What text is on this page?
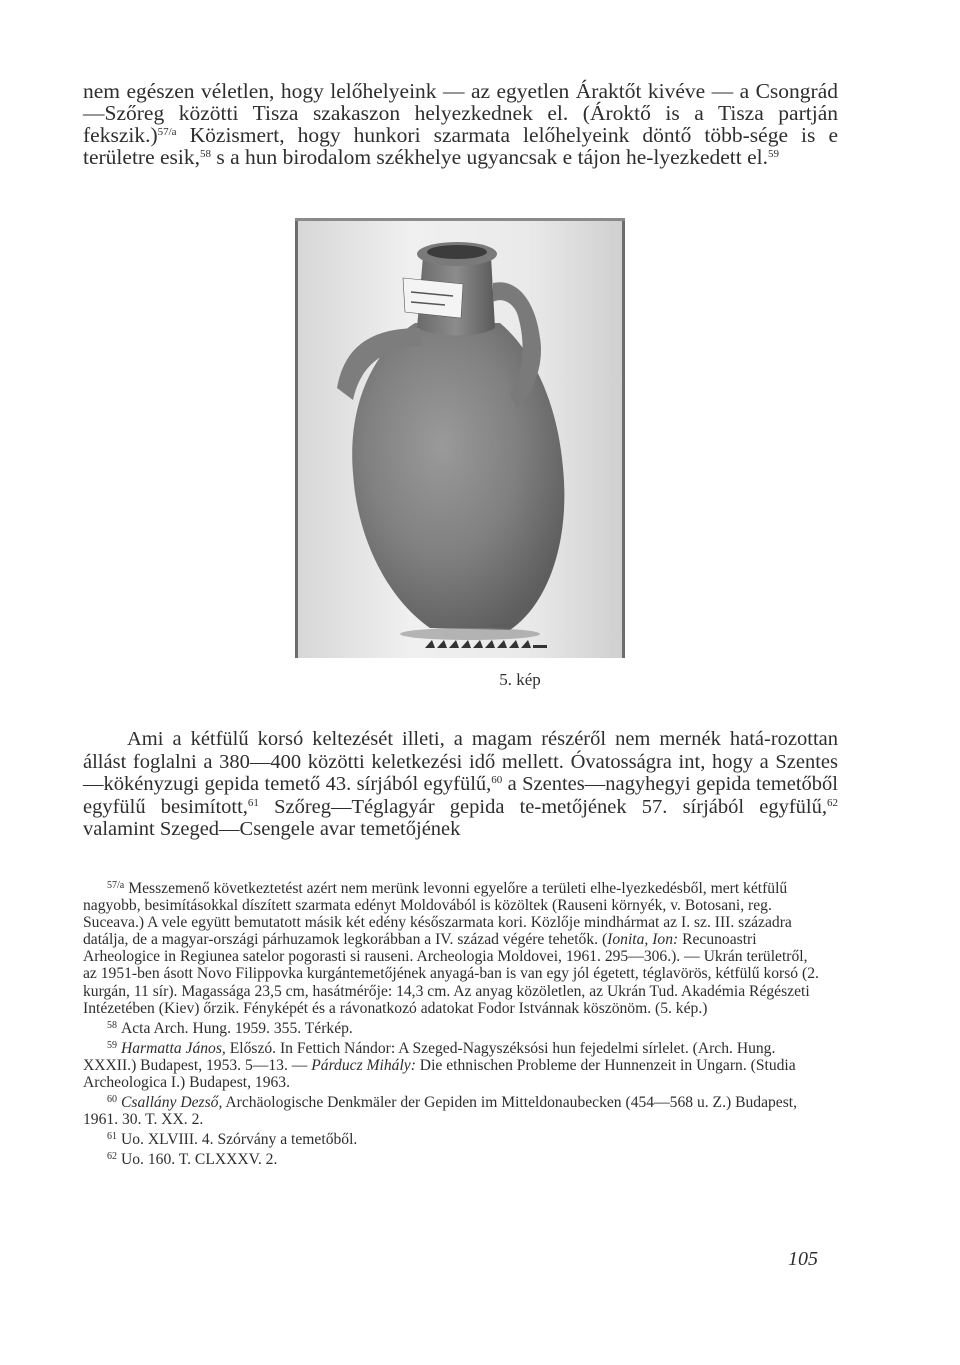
nem egészen véletlen, hogy lelőhelyeink — az egyetlen Áraktőt kivéve — a Csongrád—Szőreg közötti Tisza szakaszon helyezkednek el. (Ároktő is a Tisza partján fekszik.)$^{57/a}$ Közismert, hogy hunkori szarmata lelőhelyeink döntő több-sége is e területre esik,$^{58}$ s a hun birodalom székhelye ugyancsak e tájon he-lyezkedett el.$^{59}$

5. kép

Ami a kétfülű korsó keltezését illeti, a magam részéről nem mernék hatá-rozottan állást foglalni a 380—400 közötti keletkezési idő mellett. Óvatosságra int, hogy a Szentes—kökényzugi gepida temető 43. sírjából egyfülű,$^{60}$ a Szentes—nagyhegyi gepida temetőből egyfülű besimított,$^{61}$ Szőreg—Téglagyár gepida te-metőjének 57. sírjából egyfülű,$^{62}$ valamint Szeged—Csengele avar temetőjének

$^{57/a}$ Messzemenő következtetést azért nem merünk levonni egyelőre a területi elhe-lyezkedésből, mert kétfülű nagyobb, besimításokkal díszített szarmata edényt Moldovából is közöltek (Rauseni környék, v. Botosani, reg. Suceava.) A vele együtt bemutatott másik két edény későszarmata kori. Közlője mindhármat az I. sz. III. századra datálja, de a magyar-országi párhuzamok legkorábban a IV. század végére tehetők. (Ionita, Ion: Recunoastri Arheologice in Regiunea satelor pogorasti si rauseni. Archeologia Moldovei, 1961. 295—306.). — Ukrán területről, az 1951-ben ásott Novo Filippovka kurgántemetőjének anyagá-ban is van egy jól égetett, téglavörös, kétfülű korsó (2. kurgán, 11 sír). Magassága 23,5 cm, hasátmérője: 14,3 cm. Az anyag közöletlen, az Ukrán Tud. Akadémia Régészeti Intézetében (Kiev) őrzik. Fényképét és a rávonatkozó adatokat Fodor Istvánnak köszönöm. (5. kép.)

$^{58}$ Acta Arch. Hung. 1959. 355. Térkép.

$^{59}$ Harmatta János, Előszó. In Fettich Nándor: A Szeged-Nagyszéksósi hun fejedelmi sírlelet. (Arch. Hung. XXXII.) Budapest, 1953. 5—13. — Párducz Mihály: Die ethnischen Probleme der Hunnenzeit in Ungarn. (Studia Archeologica I.) Budapest, 1963.

$^{60}$ Csallány Dezső, Archäologische Denkmäler der Gepiden im Mitteldonaubecken (454—568 u. Z.) Budapest, 1961. 30. T. XX. 2.

$^{61}$ Uo. XLVIII. 4. Szórvány a temetőből.

$^{62}$ Uo. 160. T. CLXXXV. 2.

105
